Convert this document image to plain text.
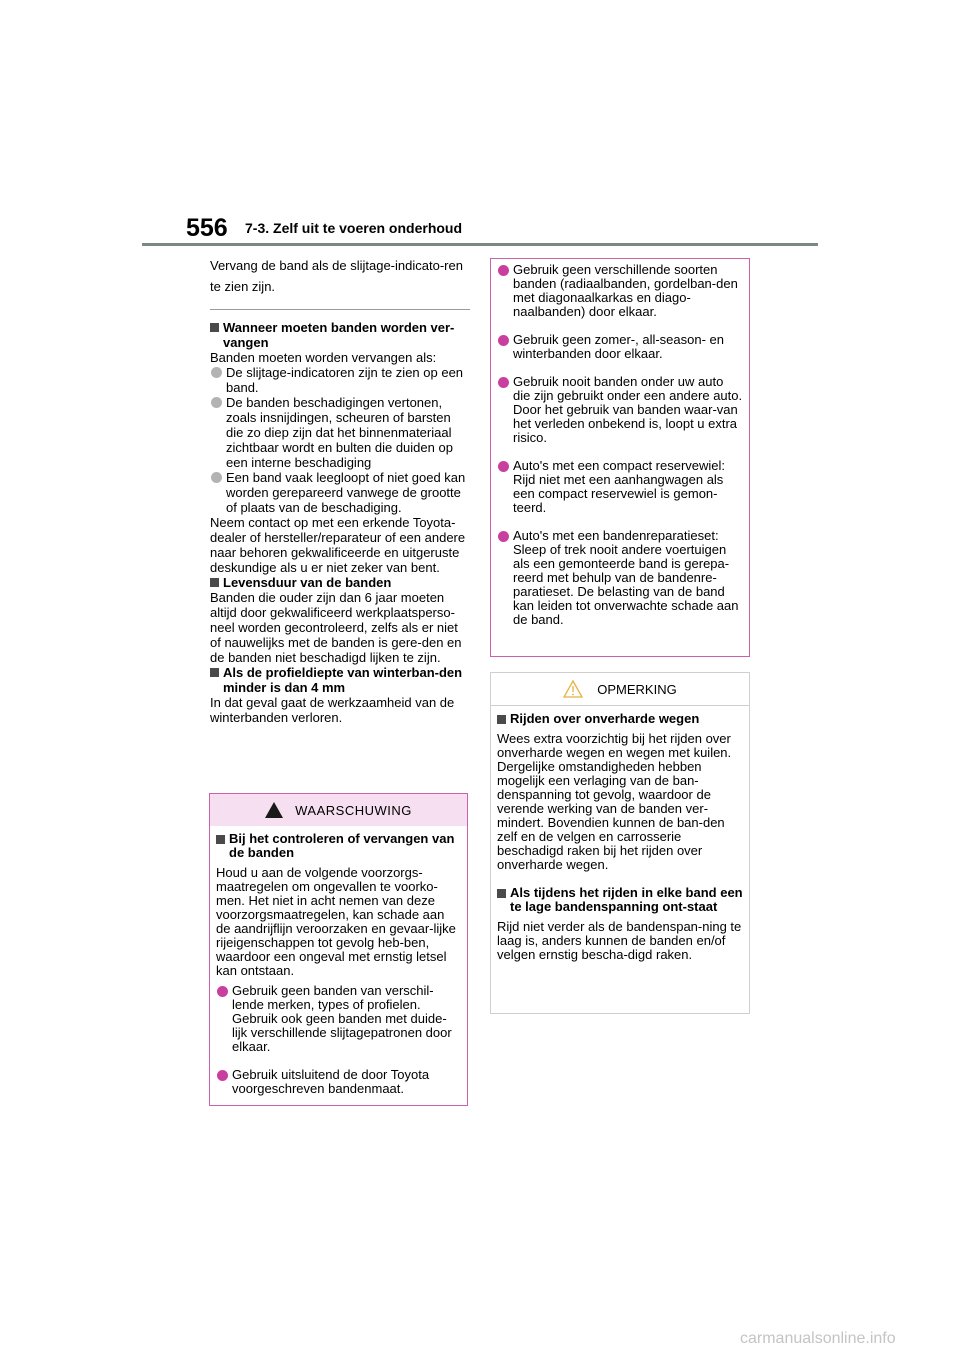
556 7-3. Zelf uit te voeren onderhoud

Vervang de band als de slijtage-indicato-ren te zien zijn.

Wanneer moeten banden worden ver-vangen
Banden moeten worden vervangen als:
De slijtage-indicatoren zijn te zien op een band.
De banden beschadigingen vertonen, zoals insnijdingen, scheuren of barsten die zo diep zijn dat het binnenmateriaal zichtbaar wordt en bulten die duiden op een interne beschadiging
Een band vaak leegloopt of niet goed kan worden gerepareerd vanwege de grootte of plaats van de beschadiging.
Neem contact op met een erkende Toyota-dealer of hersteller/reparateur of een andere naar behoren gekwalificeerde en uitgeruste deskundige als u er niet zeker van bent.
Levensduur van de banden
Banden die ouder zijn dan 6 jaar moeten altijd door gekwalificeerd werkplaatsperso-neel worden gecontroleerd, zelfs als er niet of nauwelijks met de banden is gere-den en de banden niet beschadigd lijken te zijn.
Als de profieldiepte van winterban-den minder is dan 4 mm
In dat geval gaat de werkzaamheid van de winterbanden verloren.
WAARSCHUWING
Bij het controleren of vervangen van de banden
Houd u aan de volgende voorzorgs-maatregelen om ongevallen te voorko-men. Het niet in acht nemen van deze voorzorgsmaatregelen, kan schade aan de aandrijflijn veroorzaken en gevaar-lijke rijeigenschappen tot gevolg heb-ben, waardoor een ongeval met ernstig letsel kan ontstaan.
Gebruik geen banden van verschil-lende merken, types of profielen. Gebruik ook geen banden met duide-lijk verschillende slijtagepatronen door elkaar.
Gebruik uitsluitend de door Toyota voorgeschreven bandenmaat.
Gebruik geen verschillende soorten banden (radiaalbanden, gordelban-den met diagonaalkarkas en diago-naalbanden) door elkaar.
Gebruik geen zomer-, all-season- en winterbanden door elkaar.
Gebruik nooit banden onder uw auto die zijn gebruikt onder een andere auto.
Door het gebruik van banden waar-van het verleden onbekend is, loopt u extra risico.
Auto's met een compact reservewiel: Rijd niet met een aanhangwagen als een compact reservewiel is gemon-teerd.
Auto's met een bandenreparatieset: Sleep of trek nooit andere voertuigen als een gemonteerde band is gerepa-reerd met behulp van de bandenre-paratieset. De belasting van de band kan leiden tot onverwachte schade aan de band.
OPMERKING
Rijden over onverharde wegen
Wees extra voorzichtig bij het rijden over onverharde wegen en wegen met kuilen.
Dergelijke omstandigheden hebben mogelijk een verlaging van de ban-denspanning tot gevolg, waardoor de verende werking van de banden ver-mindert. Bovendien kunnen de ban-den zelf en de velgen en carrosserie beschadigd raken bij het rijden over onverharde wegen.
Als tijdens het rijden in elke band een te lage bandenspanning ont-staat
Rijd niet verder als de bandenspan-ning te laag is, anders kunnen de banden en/of velgen ernstig bescha-digd raken.
carmanualsonline.info
